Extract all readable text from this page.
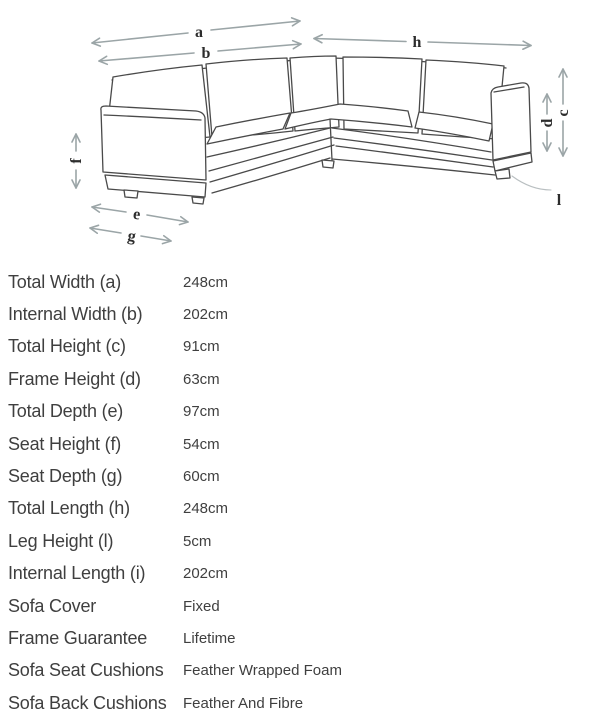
a
b
h
c
d
f
e
g
l
Total Width (a)	248cm
Internal Width (b)	202cm
Total Height (c)	91cm
Frame Height (d)	63cm
Total Depth (e)	97cm
Seat Height (f)	54cm
Seat Depth (g)	60cm
Total Length (h)	248cm
Leg Height (l)	5cm
Internal Length (i)	202cm
Sofa Cover	Fixed
Frame Guarantee	Lifetime
Sofa Seat Cushions	Feather Wrapped Foam
Sofa Back Cushions	Feather And Fibre
